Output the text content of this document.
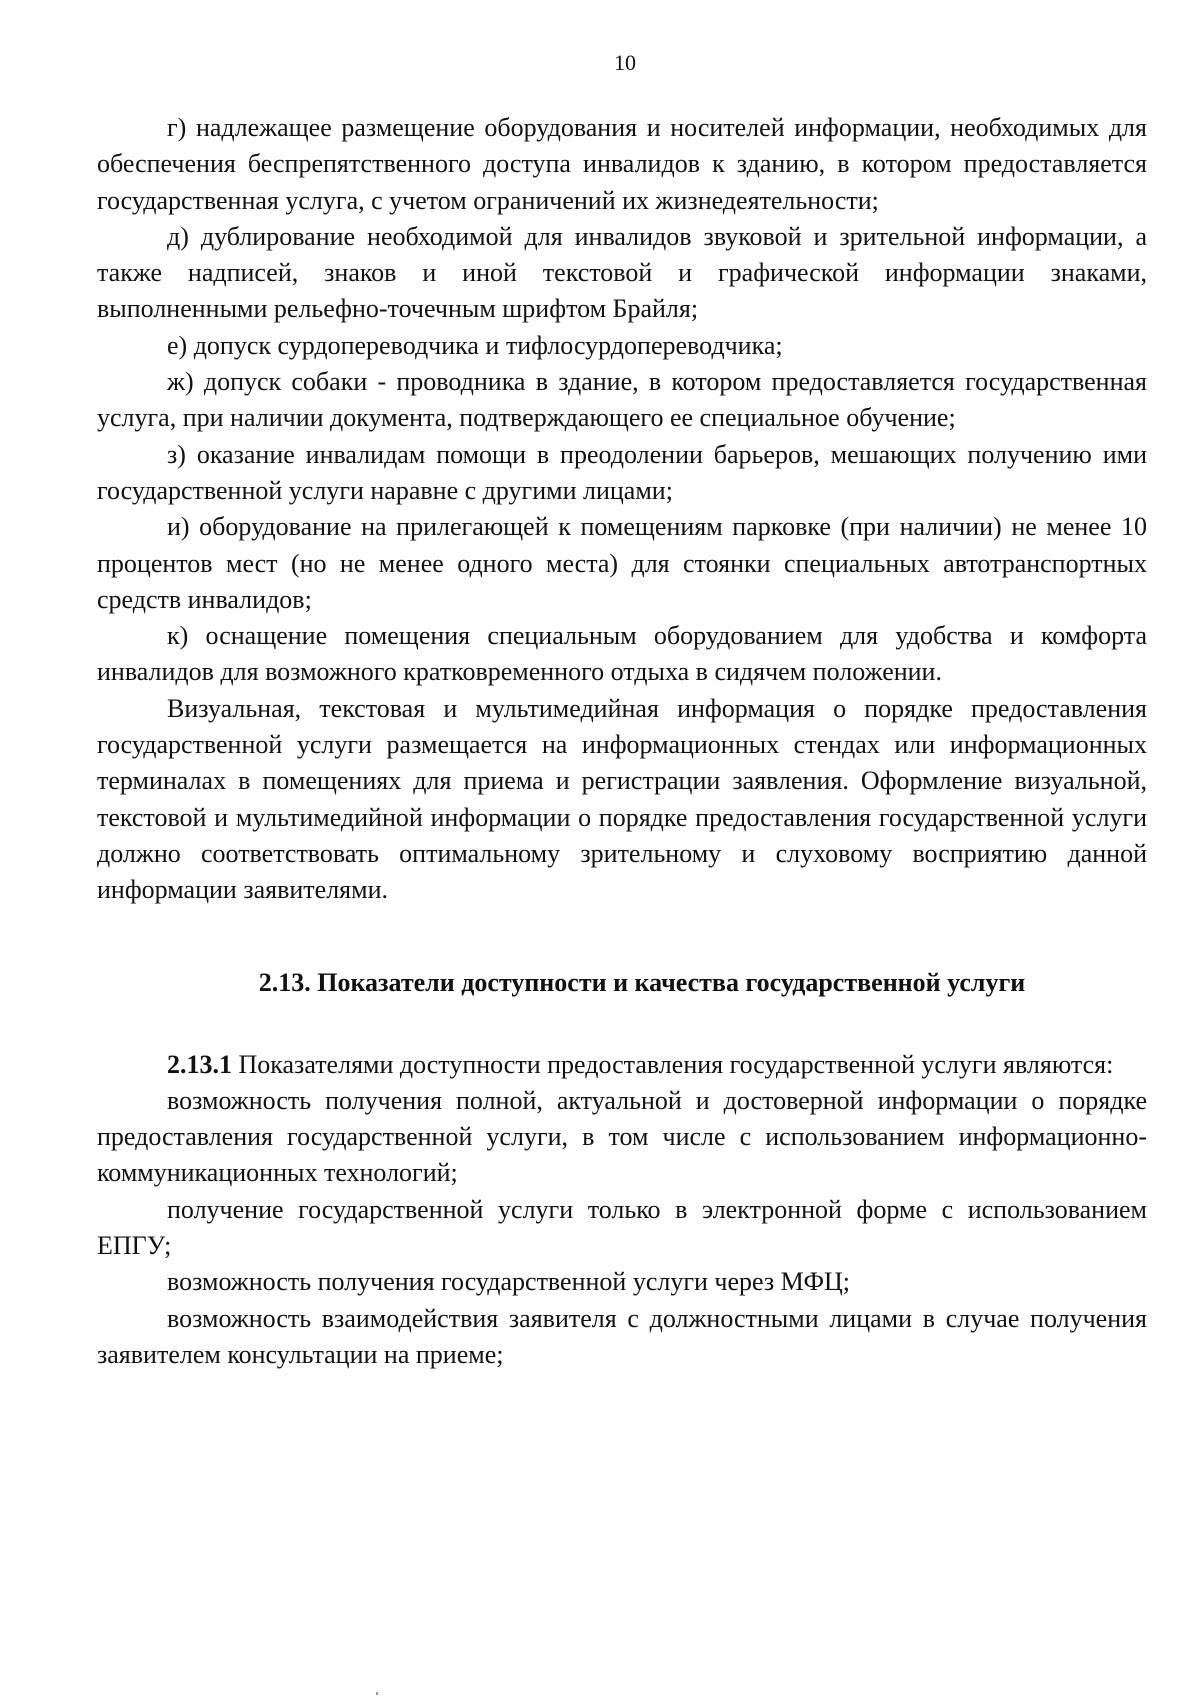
10

г) надлежащее размещение оборудования и носителей информации, необходимых для обеспечения беспрепятственного доступа инвалидов к зданию, в котором предоставляется государственная услуга, с учетом ограничений их жизнедеятельности;

д) дублирование необходимой для инвалидов звуковой и зрительной информации, а также надписей, знаков и иной текстовой и графической информации знаками, выполненными рельефно-точечным шрифтом Брайля;

е) допуск сурдопереводчика и тифлосурдопереводчика;

ж) допуск собаки - проводника в здание, в котором предоставляется государственная услуга, при наличии документа, подтверждающего ее специальное обучение;

з) оказание инвалидам помощи в преодолении барьеров, мешающих получению ими государственной услуги наравне с другими лицами;

и) оборудование на прилегающей к помещениям парковке (при наличии) не менее 10 процентов мест (но не менее одного места) для стоянки специальных автотранспортных средств инвалидов;

к) оснащение помещения специальным оборудованием для удобства и комфорта инвалидов для возможного кратковременного отдыха в сидячем положении.

Визуальная, текстовая и мультимедийная информация о порядке предоставления государственной услуги размещается на информационных стендах или информационных терминалах в помещениях для приема и регистрации заявления. Оформление визуальной, текстовой и мультимедийной информации о порядке предоставления государственной услуги должно соответствовать оптимальному зрительному и слуховому восприятию данной информации заявителями.

2.13. Показатели доступности и качества государственной услуги

2.13.1 Показателями доступности предоставления государственной услуги являются:

возможность получения полной, актуальной и достоверной информации о порядке предоставления государственной услуги, в том числе с использованием информационно-коммуникационных технологий;

получение государственной услуги только в электронной форме с использованием ЕПГУ;

возможность получения государственной услуги через МФЦ;

возможность взаимодействия заявителя с должностными лицами в случае получения заявителем консультации на приеме;
